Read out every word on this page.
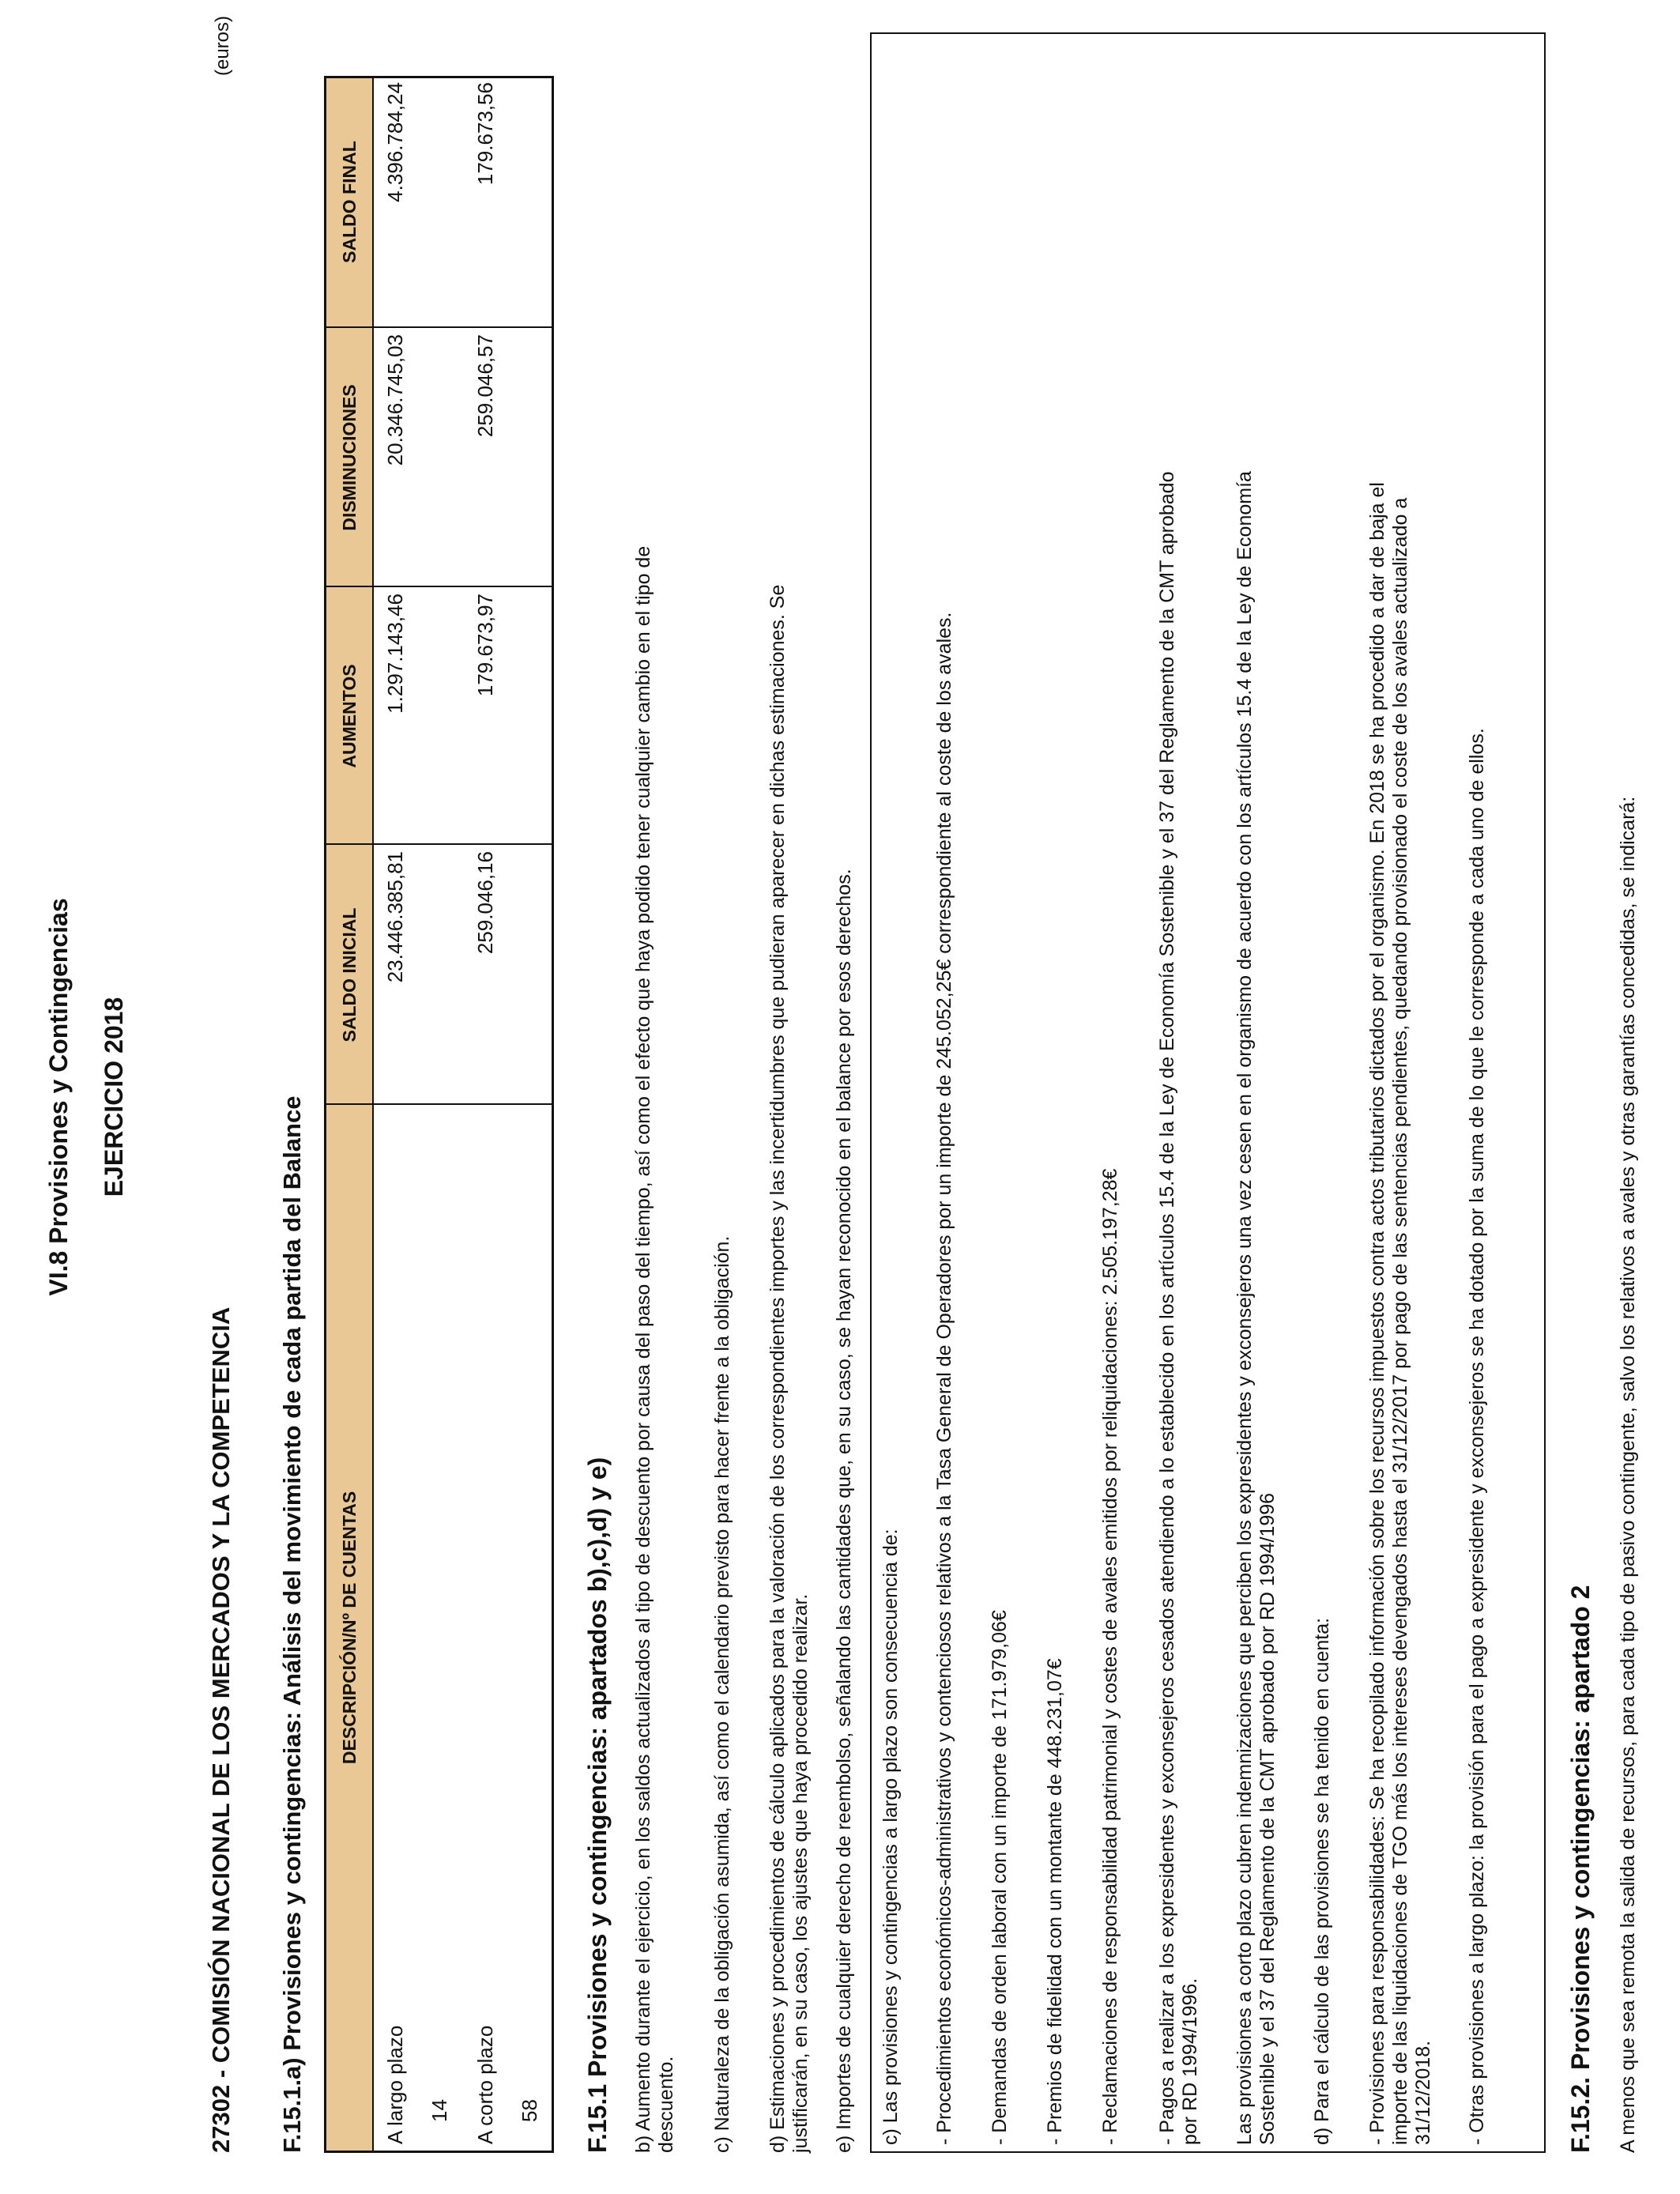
VI.8 Provisiones y Contingencias EJERCICIO 2018
27302 - COMISIÓN NACIONAL DE LOS MERCADOS Y LA COMPETENCIA
(euros)
F.15.1.a) Provisiones y contingencias: Análisis del movimiento de cada partida del Balance	DESCRIPCIÓN/Nº DE CUENTAS
SALDO INICIAL
AUMENTOS
DISMINUCIONES
SALDO FINAL
A largo plazo 14
23.446.385,81
1.297.143,46
20.346.745,03
4.396.784,24
A corto plazo 58
259.046,16
179.673,97
259.046,57
179.673,56
F.15.1 Provisiones y contingencias: apartados b),c),d) y e) b) Aumento durante el ejercicio, en los saldos actualizados al tipo de descuento por causa del paso del tiempo, así como el efecto que haya podido tener cualquier cambio en el tipo de descuento. c) Naturaleza de la obligación asumida, así como el calendario previsto para hacer frente a la obligación. d) Estimaciones y procedimientos de cálculo aplicados para la valoración de los correspondientes importes y las incertidumbres que pudieran aparecer en dichas estimaciones. Se justificarán, en su caso, los ajustes que haya procedido realizar. e) Importes de cualquier derecho de reembolso, señalando las cantidades que, en su caso, se hayan reconocido en el balance por esos derechos. c) Las provisiones y contingencias a largo plazo son consecuencia de: - Procedimientos económicos-administrativos y contenciosos relativos a la Tasa General de Operadores por un importe de 245.052,25€ correspondiente al coste de los avales. - Demandas de orden laboral con un importe de 171.979,06€ - Premios de fidelidad con un montante de 448.231,07€ - Reclamaciones de responsabilidad patrimonial y costes de avales emitidos por reliquidaciones: 2.505.197,28€ - Pagos a realizar a los expresidentes y exconsejeros cesados atendiendo a lo establecido en los artículos 15.4 de la Ley de Economía Sostenible y el 37 del Reglamento de la CMT aprobado por RD 1994/1996. Las provisiones a corto plazo cubren indemnizaciones que perciben los expresidentes y exconsejeros una vez cesen en el organismo de acuerdo con los artículos 15.4 de la Ley de Economía Sostenible y el 37 del Reglamento de la CMT aprobado por RD 1994/1996 d) Para el cálculo de las provisiones se ha tenido en cuenta: - Provisiones para responsabilidades: Se ha recopilado información sobre los recursos impuestos contra actos tributarios dictados por el organismo. En 2018 se ha procedido a dar de baja el importe de las liquidaciones de TGO más los intereses devengados hasta el 31/12/2017 por pago de las sentencias pendientes, quedando provisionado el coste de los avales actualizado a 31/12/2018. - Otras provisiones a largo plazo: la provisión para el pago a expresidente y exconsejeros se ha dotado por la suma de lo que le corresponde a cada uno de ellos.	F.15.2. Provisiones y contingencias: apartado 2 A menos que sea remota la salida de recursos, para cada tipo de pasivo contingente, salvo los relativos a avales y otras garantías concedidas, se indicará:
